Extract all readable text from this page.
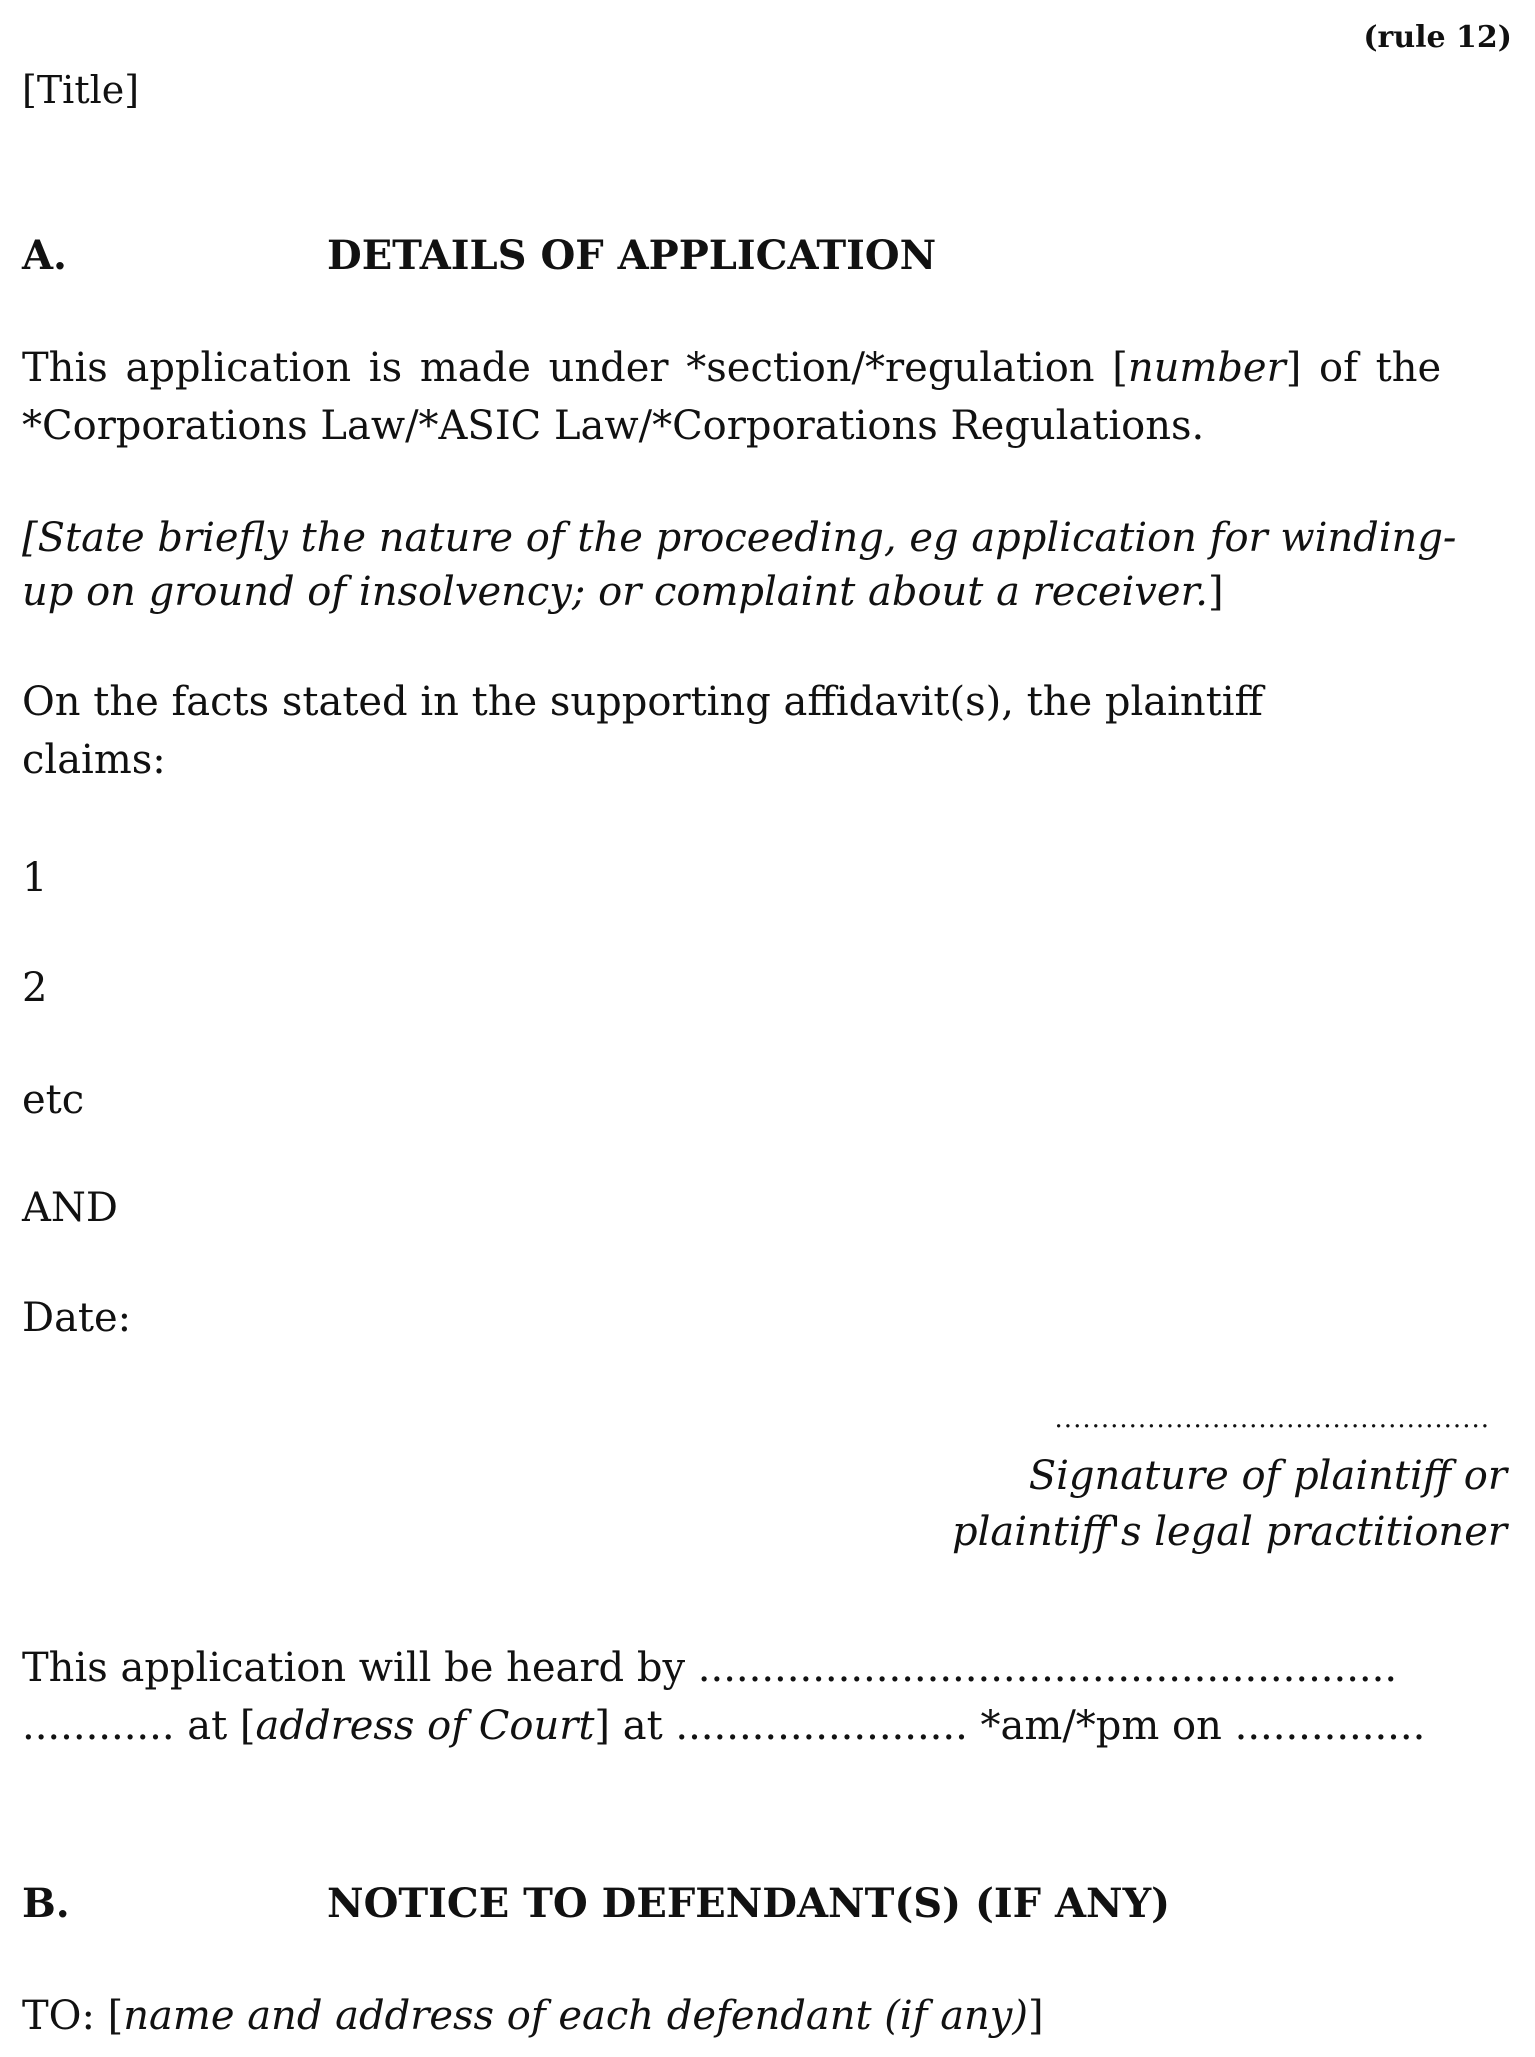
(rule 12)
[Title]
A.	DETAILS OF APPLICATION
This application is made under *section/*regulation [number] of the
*Corporations Law/*ASIC Law/*Corporations Regulations.
[State briefly the nature of the proceeding, eg application for winding-
up on ground of insolvency; or complaint about a receiver.]
On the facts stated in the supporting affidavit(s), the plaintiff
claims:
1
2
etc
AND
Date:
...............................................
Signature of plaintiff or
plaintiff's legal practitioner
This application will be heard by .......................................................
............ at [address of Court] at ....................... *am/*pm on ...............
B.	NOTICE TO DEFENDANT(S) (IF ANY)
TO: [name and address of each defendant (if any)]
